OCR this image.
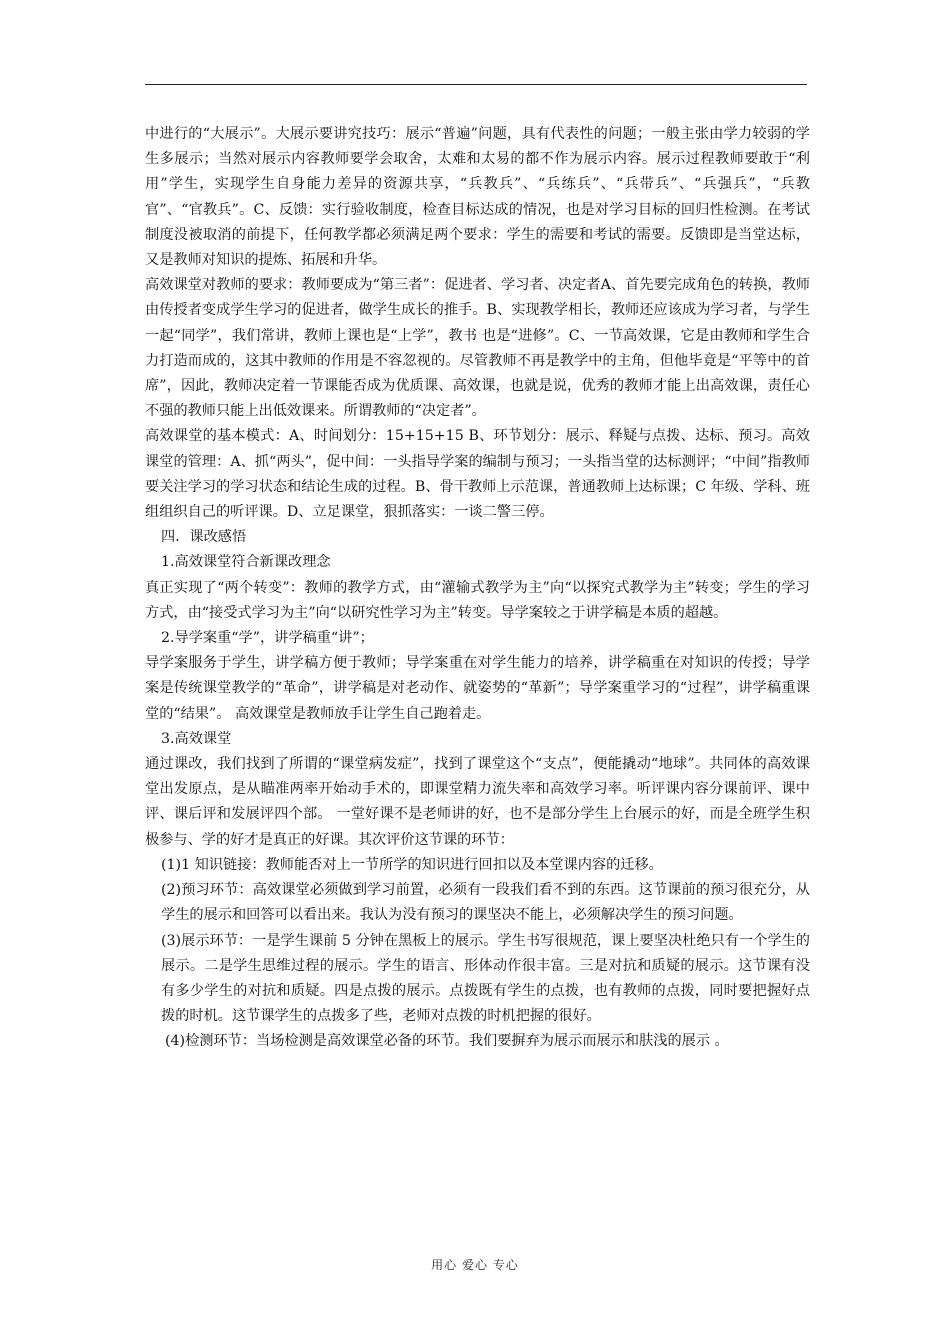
中进行的“大展示”。大展示要讲究技巧：展示“普遍”问题，具有代表性的问题；一般主张由学力较弱的学生多展示；当然对展示内容教师要学会取舍，太难和太易的都不作为展示内容。展示过程教师要敢于“利用”学生，实现学生自身能力差异的资源共享，“兵教兵”、“兵练兵”、“兵带兵”、“兵强兵”，“兵教官”、“官教兵”。C、反馈：实行验收制度，检查目标达成的情况，也是对学习目标的回归性检测。在考试制度没被取消的前提下，任何教学都必须满足两个要求：学生的需要和考试的需要。反馈即是当堂达标，又是教师对知识的提炼、拓展和升华。

高效课堂对教师的要求：教师要成为“第三者”：促进者、学习者、决定者A、首先要完成角色的转换，教师由传授者变成学生学习的促进者，做学生成长的推手。B、实现教学相长，教师还应该成为学习者，与学生一起“同学”，我们常讲，教师上课也是“上学”，教书 也是“进修”。C、一节高效课，它是由教师和学生合力打造而成的，这其中教师的作用是不容忽视的。尽管教师不再是教学中的主角，但他毕竟是“平等中的首席”，因此，教师决定着一节课能否成为优质课、高效课，也就是说，优秀的教师才能上出高效课，责任心不强的教师只能上出低效课来。所谓教师的“决定者”。

高效课堂的基本模式：A、时间划分：15+15+15 B、环节划分：展示、释疑与点拨、达标、预习。高效课堂的管理：A、抓“两头”，促中间：一头指导学案的编制与预习；一头指当堂的达标测评；“中间”指教师要关注学习的学习状态和结论生成的过程。B、骨干教师上示范课，普通教师上达标课；C 年级、学科、班组组织自己的听评课。D、立足课堂，狠抓落实：一谈二警三停。

四．课改感悟

1.高效课堂符合新课改理念

真正实现了“两个转变”：教师的教学方式，由“灌输式教学为主”向“以探究式教学为主”转变；学生的学习方式，由“接受式学习为主”向“以研究性学习为主”转变。导学案较之于讲学稿是本质的超越。

2.导学案重“学”，讲学稿重“讲”；

导学案服务于学生，讲学稿方便于教师；导学案重在对学生能力的培养，讲学稿重在对知识的传授；导学案是传统课堂教学的“革命”，讲学稿是对老动作、就姿势的“革新”；导学案重学习的“过程”，讲学稿重课堂的“结果”。 高效课堂是教师放手让学生自己跑着走。

3.高效课堂

通过课改，我们找到了所谓的“课堂病发症”，找到了课堂这个“支点”，便能撬动“地球”。共同体的高效课堂出发原点，是从瞄准两率开始动手术的，即课堂精力流失率和高效学习率。听评课内容分课前评、课中评、课后评和发展评四个部。 一堂好课不是老师讲的好，也不是部分学生上台展示的好，而是全班学生积极参与、学的好才是真正的好课。其次评价这节课的环节：

(1)1 知识链接：教师能否对上一节所学的知识进行回扣以及本堂课内容的迁移。

(2)预习环节：高效课堂必须做到学习前置，必须有一段我们看不到的东西。这节课前的预习很充分，从学生的展示和回答可以看出来。我认为没有预习的课坚决不能上，必须解决学生的预习问题。

(3)展示环节：一是学生课前 5 分钟在黑板上的展示。学生书写很规范，课上要坚决杜绝只有一个学生的展示。二是学生思维过程的展示。学生的语言、形体动作很丰富。三是对抗和质疑的展示。这节课有没有多少学生的对抗和质疑。四是点拨的展示。点拨既有学生的点拨，也有教师的点拨，同时要把握好点拨的时机。这节课学生的点拨多了些，老师对点拨的时机把握的很好。

(4)检测环节：当场检测是高效课堂必备的环节。我们要摒弃为展示而展示和肤浅的展示 。

用心 爱心 专心
